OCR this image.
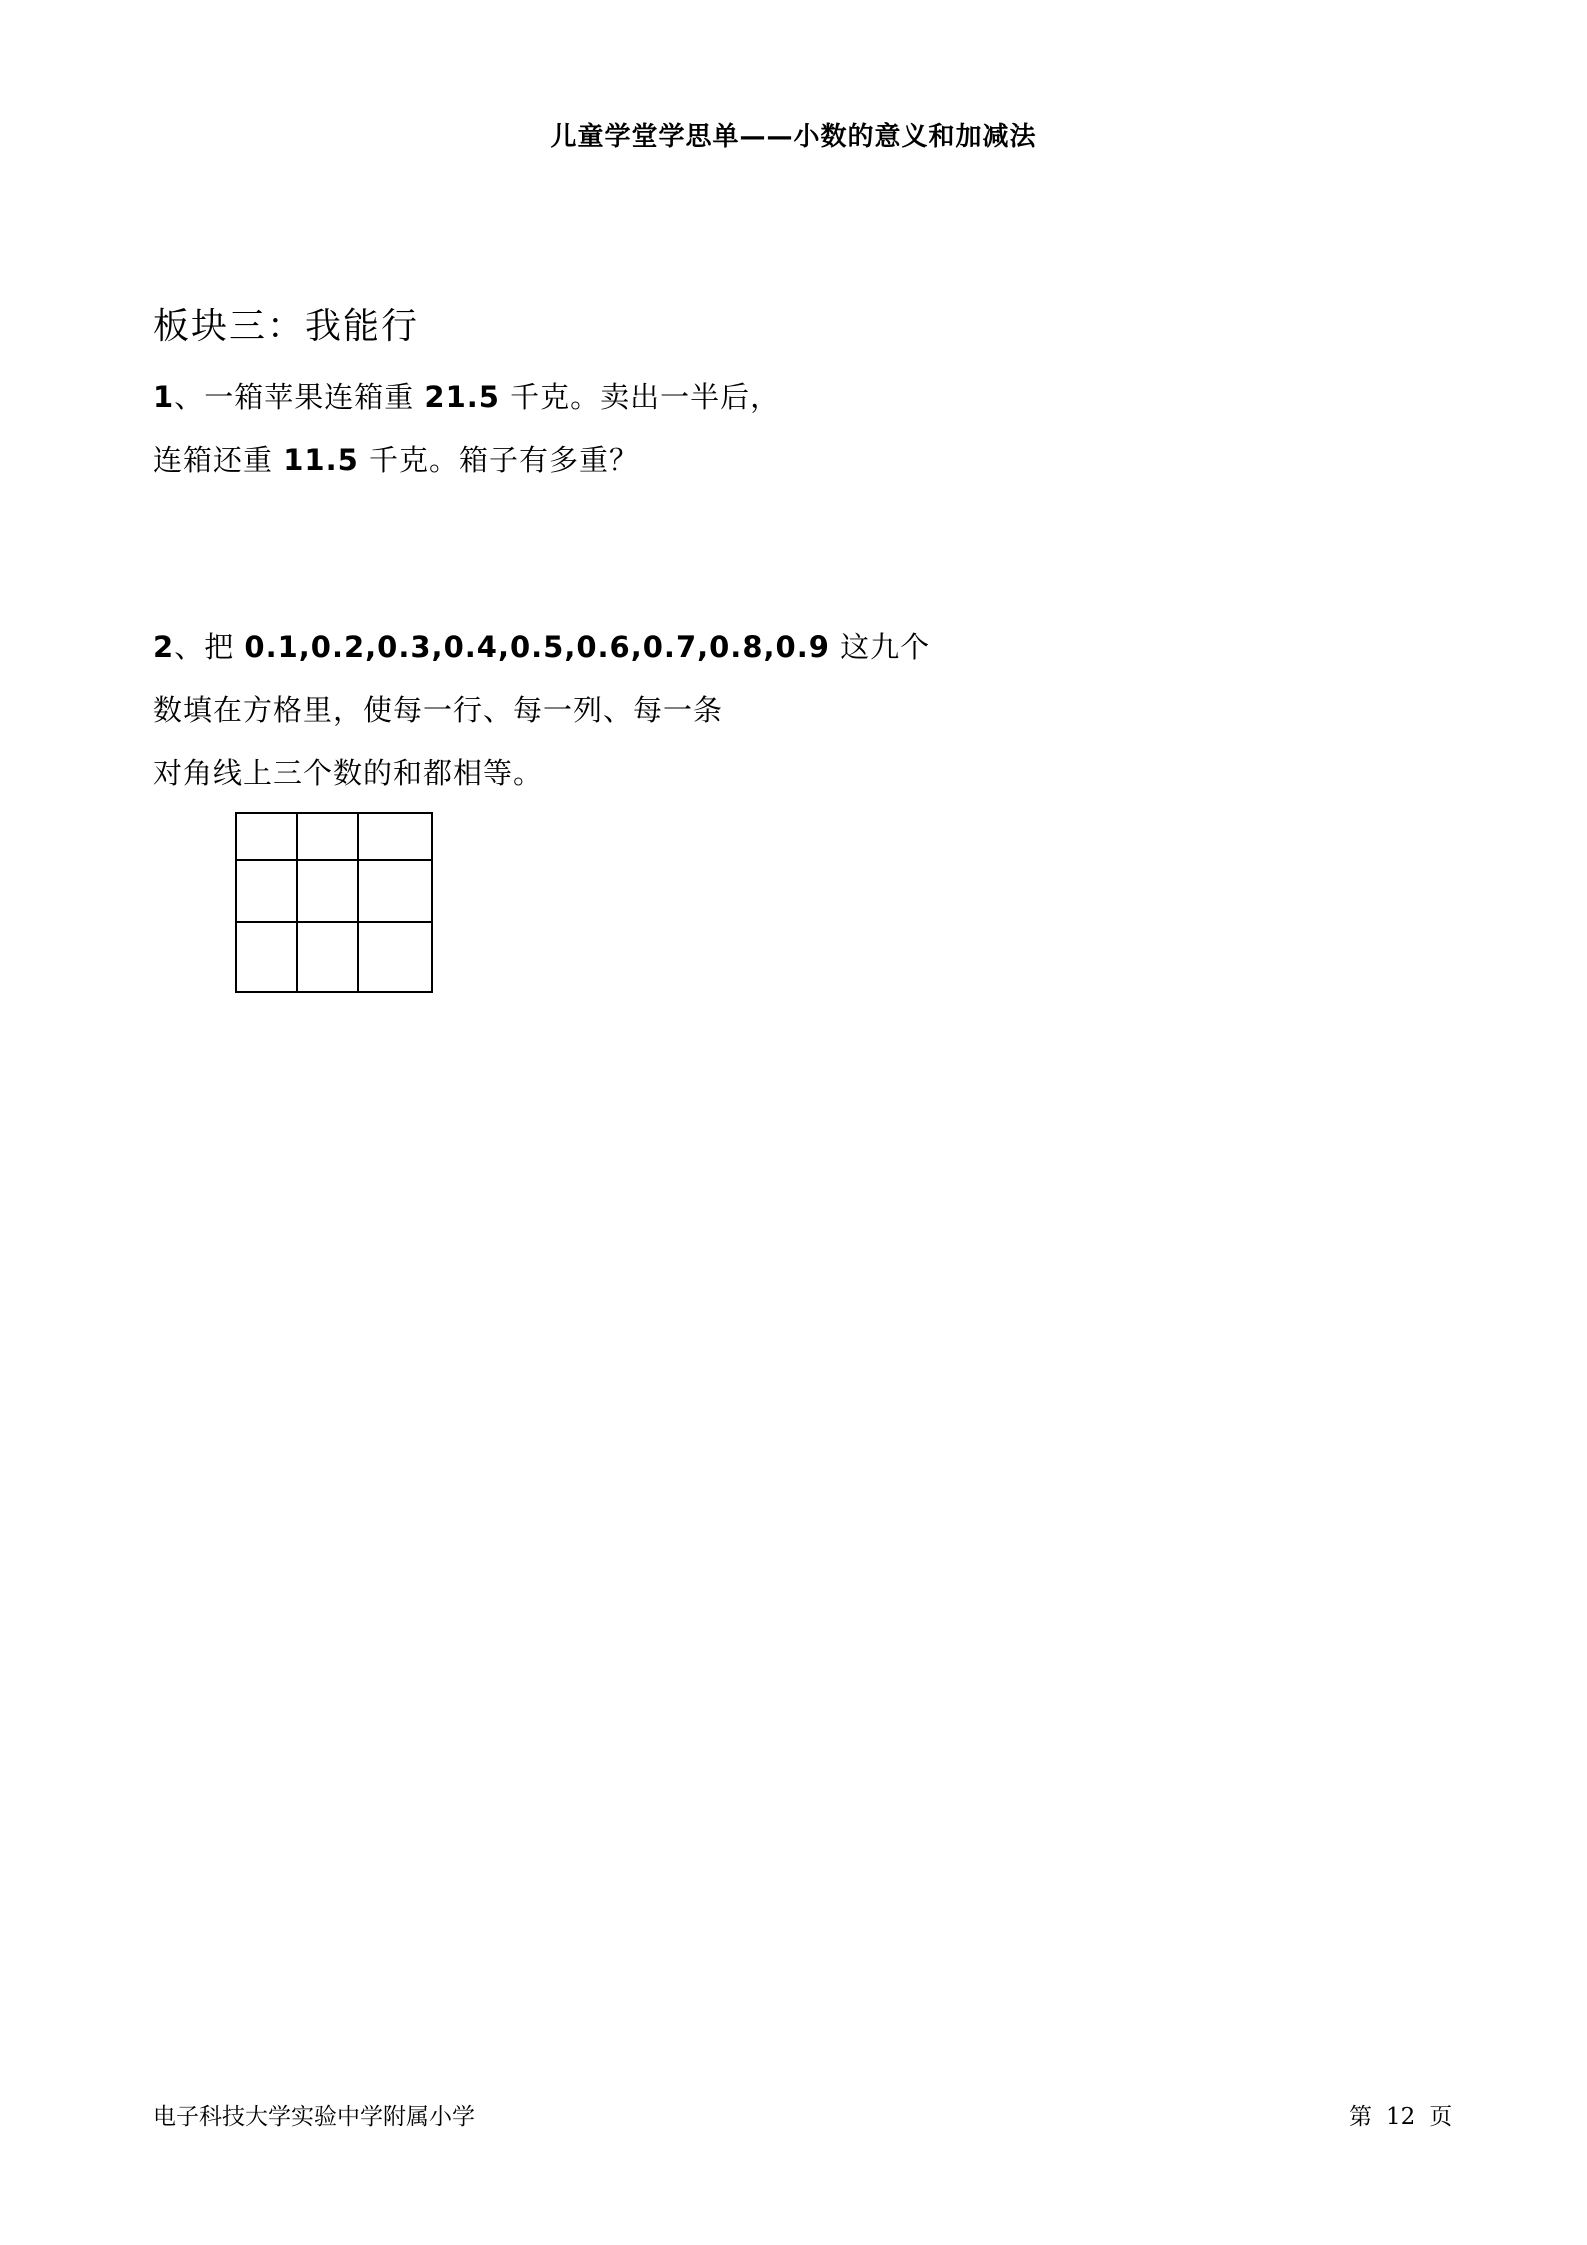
儿童学堂学思单——小数的意义和加减法
板块三：我能行
1、一箱苹果连箱重 21.5 千克。卖出一半后，
连箱还重 11.5 千克。箱子有多重？
2、把 0.1,0.2,0.3,0.4,0.5,0.6,0.7,0.8,0.9 这九个
数填在方格里，使每一行、每一列、每一条
对角线上三个数的和都相等。
电子科技大学实验中学附属小学	第 12 页
